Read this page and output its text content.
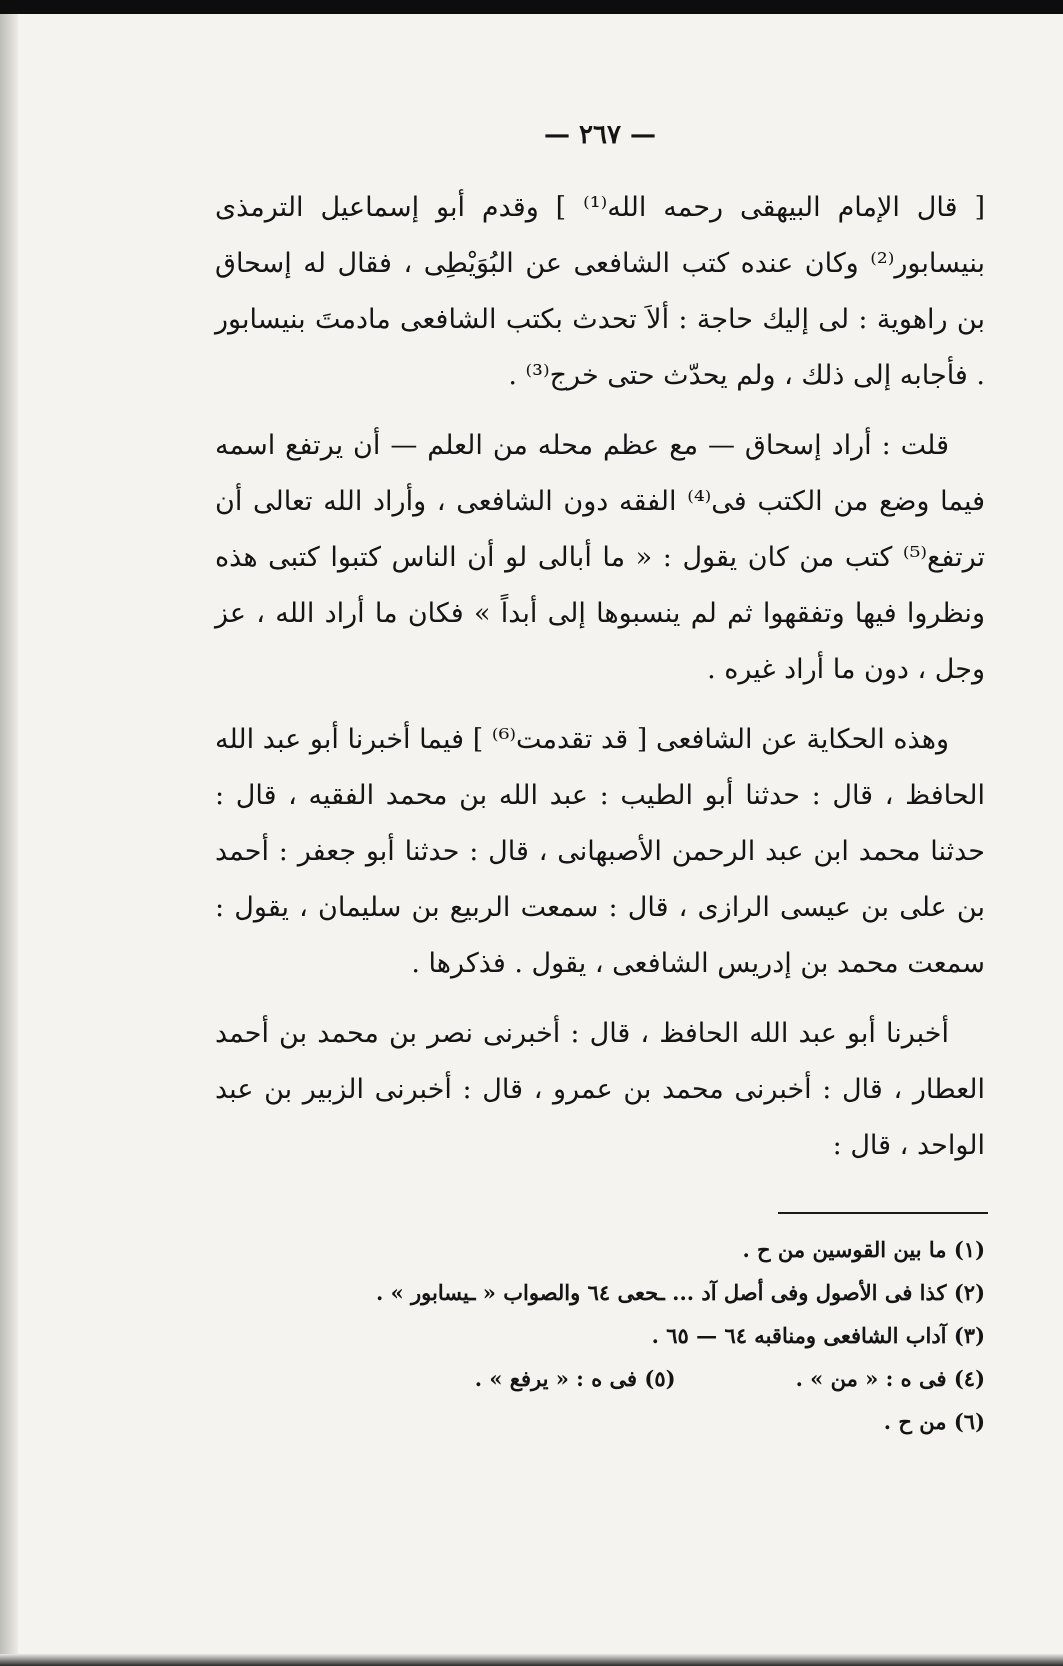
— ٢٦٧ —

[ قال الإمام البيهقى رحمه الله⁽¹⁾ ] وقدم أبو إسماعيل الترمذى بنيسابور⁽²⁾ وكان عنده كتب الشافعى عن البُوَيْطِى ، فقال له إسحاق بن راهوية : لى إليك حاجة : ألاَ تحدث بكتب الشافعى مادمتَ بنيسابور . فأجابه إلى ذلك ، ولم يحدّث حتى خرج⁽³⁾ .

قلت : أراد إسحاق — مع عظم محله من العلم — أن يرتفع اسمه فيما وضع من الكتب فى⁽⁴⁾ الفقه دون الشافعى ، وأراد الله تعالى أن ترتفع⁽⁵⁾ كتب من كان يقول : « ما أبالى لو أن الناس كتبوا كتبى هذه ونظروا فيها وتفقهوا ثم لم ينسبوها إلى أبداً » فكان ما أراد الله ، عز وجل ، دون ما أراد غيره .

وهذه الحكاية عن الشافعى [ قد تقدمت⁽⁶⁾ ] فيما أخبرنا أبو عبد الله الحافظ ، قال : حدثنا أبو الطيب : عبد الله بن محمد الفقيه ، قال : حدثنا محمد ابن عبد الرحمن الأصبهانى ، قال : حدثنا أبو جعفر : أحمد بن على بن عيسى الرازى ، قال : سمعت الربيع بن سليمان ، يقول : سمعت محمد بن إدريس الشافعى ، يقول . فذكرها .

أخبرنا أبو عبد الله الحافظ ، قال : أخبرنى نصر بن محمد بن أحمد العطار ، قال : أخبرنى محمد بن عمرو ، قال : أخبرنى الزبير بن عبد الواحد ، قال :

(١) ما بين القوسين من ح .
(٢) كذا فى الأصول وفى أصل آد ... ـحعى ٦٤ والصواب « ـيسابور » .
(٣) آداب الشافعى ومناقبه ٦٤ — ٦٥ .
(٤) فى ه : « من » .(٥) فى ه : « يرفع » .
(٦) من ح .
